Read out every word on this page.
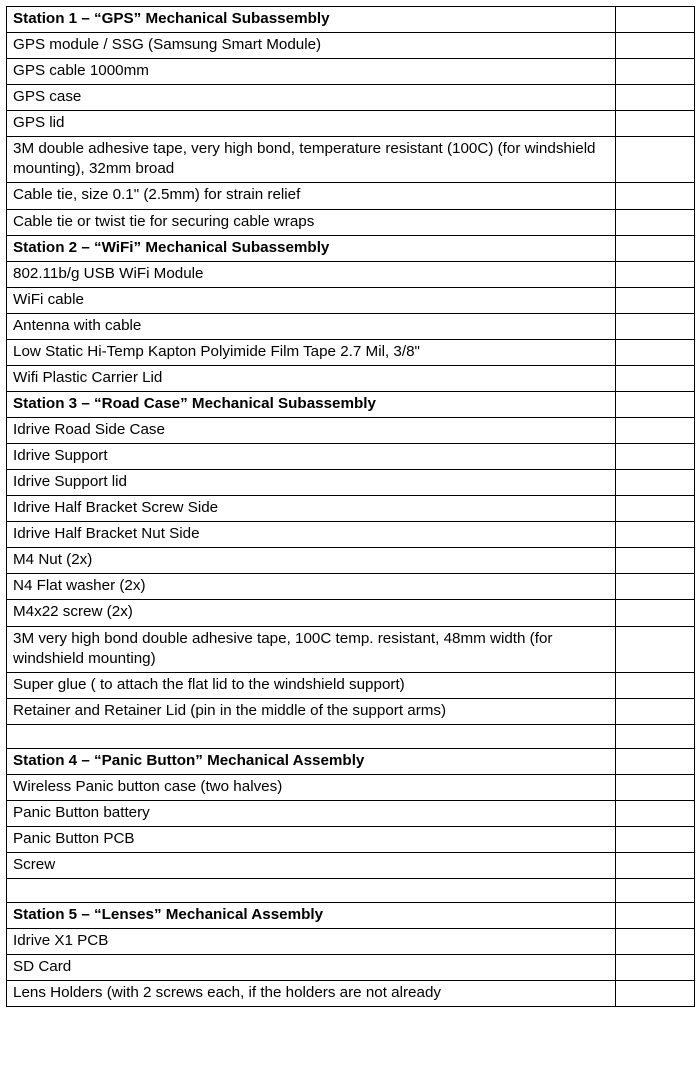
Station 1 – “GPS” Mechanical Subassembly	
GPS module / SSG (Samsung Smart Module)	
GPS cable 1000mm	
GPS case	
GPS lid	
3M double adhesive tape, very high bond, temperature resistant (100C) (for windshield mounting), 32mm broad	
Cable tie, size 0.1" (2.5mm) for strain relief	
Cable tie or twist tie for securing cable wraps	
Station 2 – “WiFi” Mechanical Subassembly	
802.11b/g USB WiFi Module	
WiFi cable	
Antenna with cable	
Low Static Hi-Temp Kapton Polyimide Film Tape 2.7 Mil, 3/8"	
Wifi Plastic Carrier Lid	
Station 3 – “Road Case” Mechanical Subassembly	
Idrive Road Side Case	
Idrive Support	
Idrive Support lid	
Idrive Half Bracket Screw Side	
Idrive Half Bracket Nut Side	
M4 Nut (2x)	
N4 Flat washer (2x)	
M4x22 screw (2x)	
3M very high bond double adhesive tape, 100C temp. resistant, 48mm width (for windshield mounting)	
Super glue ( to attach the flat lid to the windshield support)	
Retainer and Retainer Lid (pin in the middle of the support arms)	

Station 4 – “Panic Button” Mechanical Assembly	
Wireless Panic button case (two halves)	
Panic Button battery	
Panic Button PCB	
Screw	

Station 5 – “Lenses” Mechanical Assembly	
Idrive X1 PCB	
SD Card	
Lens Holders (with 2 screws each, if the holders are not already	
